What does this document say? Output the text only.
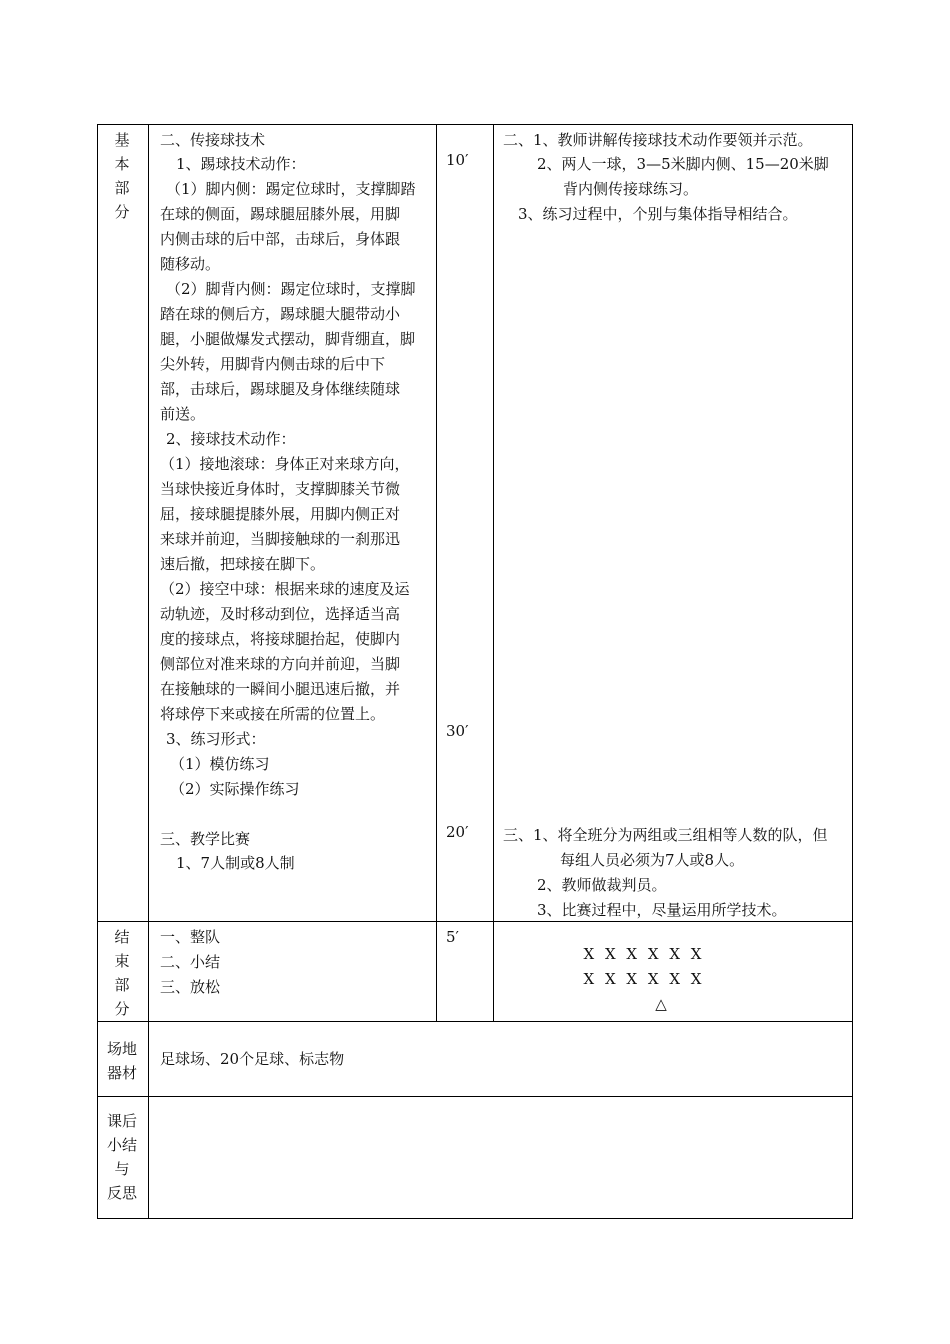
基
本
部
分
二、传接球技术
1、踢球技术动作：
（1）脚内侧：踢定位球时，支撑脚踏
在球的侧面，踢球腿屈膝外展，用脚
内侧击球的后中部，击球后，身体跟
随移动。
（2）脚背内侧：踢定位球时，支撑脚
踏在球的侧后方，踢球腿大腿带动小
腿，小腿做爆发式摆动，脚背绷直，脚
尖外转，用脚背内侧击球的后中下
部，击球后，踢球腿及身体继续随球
前送。
2、接球技术动作：
（1）接地滚球：身体正对来球方向，
当球快接近身体时，支撑脚膝关节微
屈，接球腿提膝外展，用脚内侧正对
来球并前迎，当脚接触球的一刹那迅
速后撤，把球接在脚下。
（2）接空中球：根据来球的速度及运
动轨迹，及时移动到位，选择适当高
度的接球点，将接球腿抬起，使脚内
侧部位对准来球的方向并前迎，当脚
在接触球的一瞬间小腿迅速后撤，并
将球停下来或接在所需的位置上。
3、练习形式：
（1）模仿练习
（2）实际操作练习
三、教学比赛
1、7人制或8人制
10′
30′
20′
二、1、教师讲解传接球技术动作要领并示范。
2、两人一球，3—5米脚内侧、15—20米脚
背内侧传接球练习。
3、练习过程中，个别与集体指导相结合。
三、1、将全班分为两组或三组相等人数的队，但
每组人员必须为7人或8人。
2、教师做裁判员。
3、比赛过程中，尽量运用所学技术。
结
束
部
分
一、整队
二、小结
三、放松
5′
X X X X X X
X X X X X X
△
场地
器材
足球场、20个足球、标志物
课后
小结
与
反思
